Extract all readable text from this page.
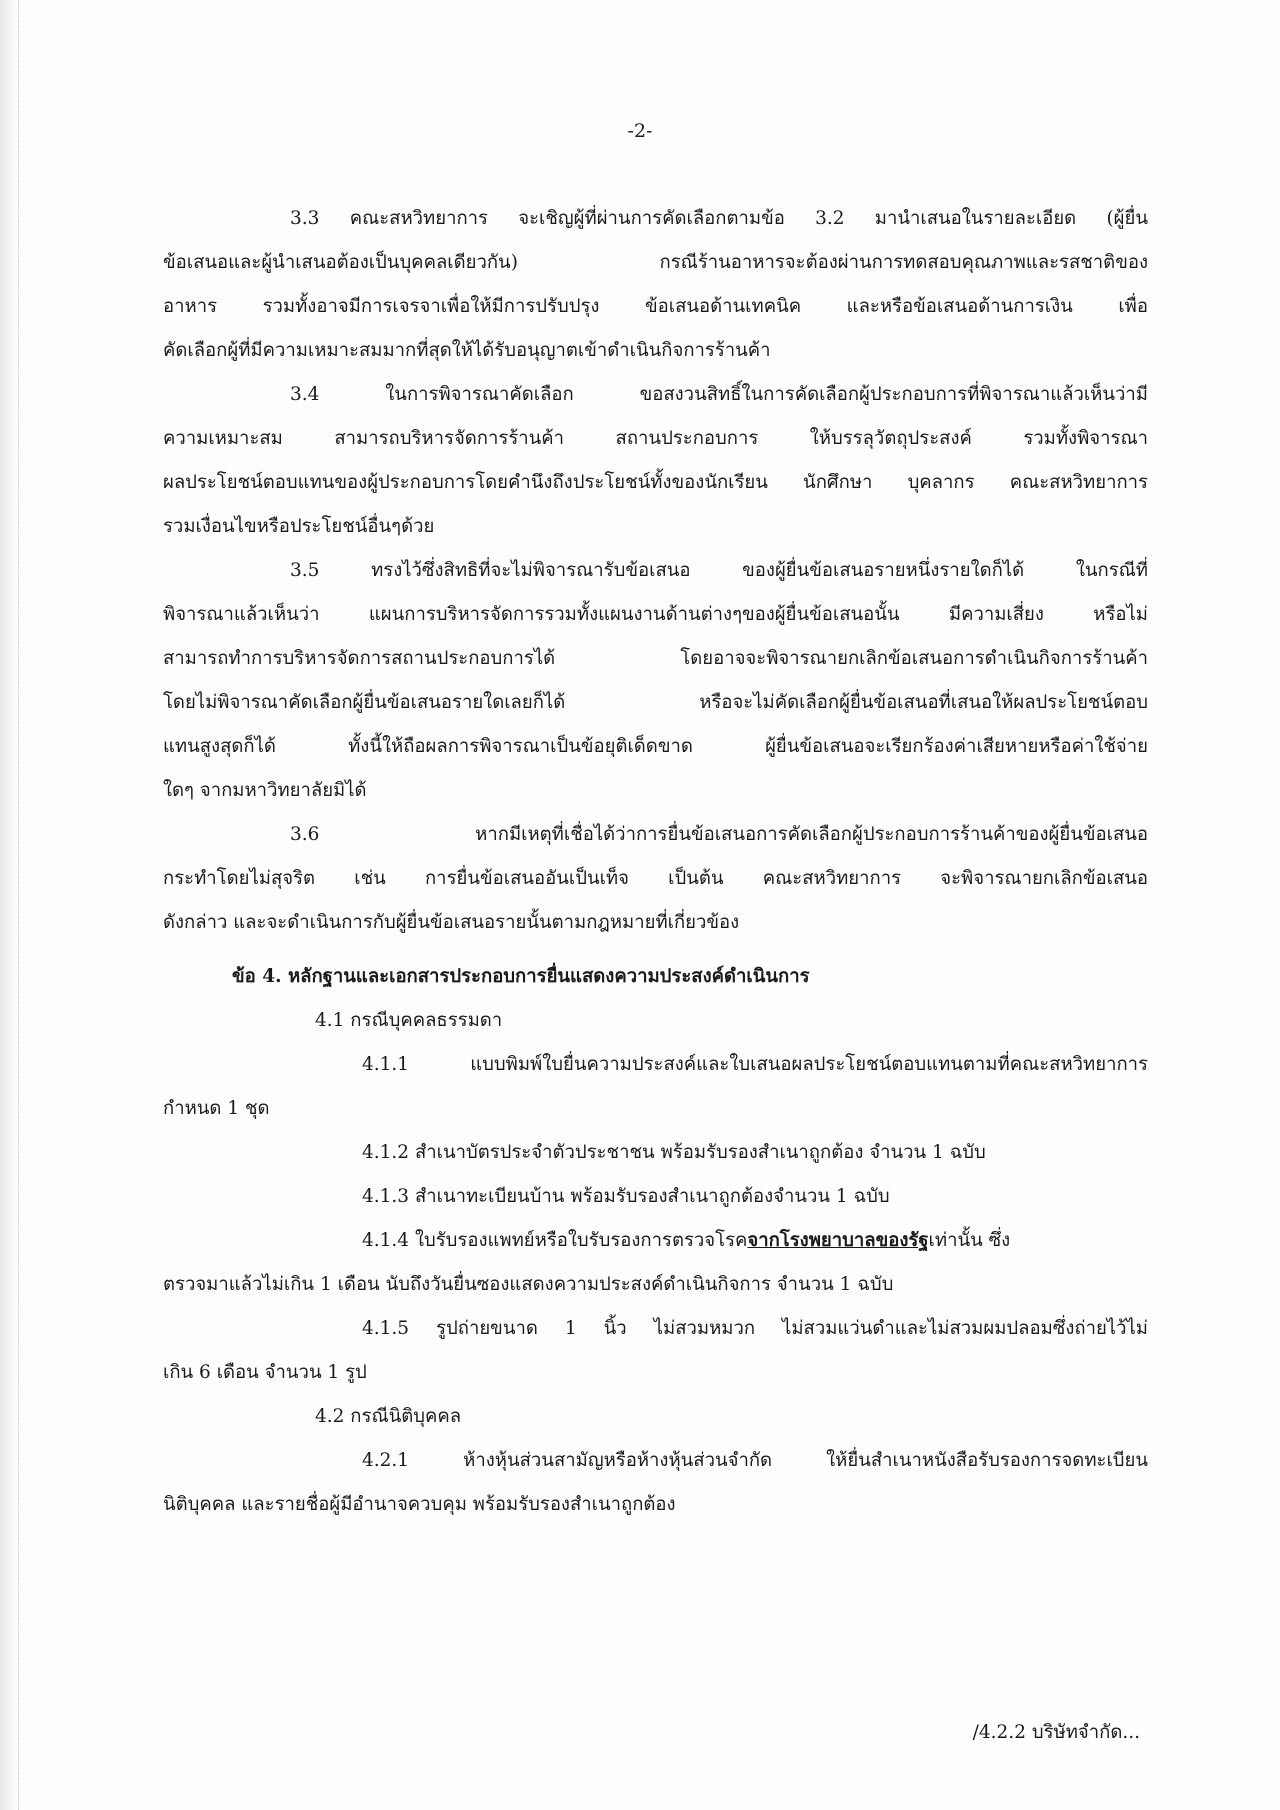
-2-
3.3 คณะสหวิทยาการ จะเชิญผู้ที่ผ่านการคัดเลือกตามข้อ 3.2 มานำเสนอในรายละเอียด (ผู้ยื่น
ข้อเสนอและผู้นำเสนอต้องเป็นบุคคลเดียวกัน) กรณีร้านอาหารจะต้องผ่านการทดสอบคุณภาพและรสชาติของ
อาหาร รวมทั้งอาจมีการเจรจาเพื่อให้มีการปรับปรุง ข้อเสนอด้านเทคนิค และหรือข้อเสนอด้านการเงิน เพื่อ
คัดเลือกผู้ที่มีความเหมาะสมมากที่สุดให้ได้รับอนุญาตเข้าดำเนินกิจการร้านค้า
3.4 ในการพิจารณาคัดเลือก ขอสงวนสิทธิ์ในการคัดเลือกผู้ประกอบการที่พิจารณาแล้วเห็นว่ามี
ความเหมาะสม สามารถบริหารจัดการร้านค้า สถานประกอบการ ให้บรรลุวัตถุประสงค์ รวมทั้งพิจารณา
ผลประโยชน์ตอบแทนของผู้ประกอบการโดยคำนึงถึงประโยชน์ทั้งของนักเรียน นักศึกษา บุคลากร คณะสหวิทยาการ
รวมเงื่อนไขหรือประโยชน์อื่นๆด้วย
3.5 ทรงไว้ซึ่งสิทธิที่จะไม่พิจารณารับข้อเสนอ ของผู้ยื่นข้อเสนอรายหนึ่งรายใดก็ได้ ในกรณีที่
พิจารณาแล้วเห็นว่า แผนการบริหารจัดการรวมทั้งแผนงานด้านต่างๆของผู้ยื่นข้อเสนอนั้น มีความเสี่ยง หรือไม่
สามารถทำการบริหารจัดการสถานประกอบการได้ โดยอาจจะพิจารณายกเลิกข้อเสนอการดำเนินกิจการร้านค้า
โดยไม่พิจารณาคัดเลือกผู้ยื่นข้อเสนอรายใดเลยก็ได้ หรือจะไม่คัดเลือกผู้ยื่นข้อเสนอที่เสนอให้ผลประโยชน์ตอบ
แทนสูงสุดก็ได้ ทั้งนี้ให้ถือผลการพิจารณาเป็นข้อยุติเด็ดขาด ผู้ยื่นข้อเสนอจะเรียกร้องค่าเสียหายหรือค่าใช้จ่าย
ใดๆ จากมหาวิทยาลัยมิได้
3.6 หากมีเหตุที่เชื่อได้ว่าการยื่นข้อเสนอการคัดเลือกผู้ประกอบการร้านค้าของผู้ยื่นข้อเสนอ
กระทำโดยไม่สุจริต เช่น การยื่นข้อเสนออันเป็นเท็จ เป็นต้น คณะสหวิทยาการ จะพิจารณายกเลิกข้อเสนอ
ดังกล่าว และจะดำเนินการกับผู้ยื่นข้อเสนอรายนั้นตามกฎหมายที่เกี่ยวข้อง
ข้อ 4. หลักฐานและเอกสารประกอบการยื่นแสดงความประสงค์ดำเนินการ
4.1 กรณีบุคคลธรรมดา
4.1.1 แบบพิมพ์ใบยื่นความประสงค์และใบเสนอผลประโยชน์ตอบแทนตามที่คณะสหวิทยาการ
กำหนด 1 ชุด
4.1.2 สำเนาบัตรประจำตัวประชาชน พร้อมรับรองสำเนาถูกต้อง จำนวน 1 ฉบับ
4.1.3 สำเนาทะเบียนบ้าน พร้อมรับรองสำเนาถูกต้องจำนวน 1 ฉบับ
4.1.4 ใบรับรองแพทย์หรือใบรับรองการตรวจโรคจากโรงพยาบาลของรัฐเท่านั้น ซึ่ง
ตรวจมาแล้วไม่เกิน 1 เดือน นับถึงวันยื่นซองแสดงความประสงค์ดำเนินกิจการ จำนวน 1 ฉบับ
4.1.5 รูปถ่ายขนาด 1 นิ้ว ไม่สวมหมวก ไม่สวมแว่นดำและไม่สวมผมปลอมซึ่งถ่ายไว้ไม่
เกิน 6 เดือน จำนวน 1 รูป
4.2 กรณีนิติบุคคล
4.2.1 ห้างหุ้นส่วนสามัญหรือห้างหุ้นส่วนจำกัด ให้ยื่นสำเนาหนังสือรับรองการจดทะเบียน
นิติบุคคล และรายชื่อผู้มีอำนาจควบคุม พร้อมรับรองสำเนาถูกต้อง
/4.2.2 บริษัทจำกัด...
